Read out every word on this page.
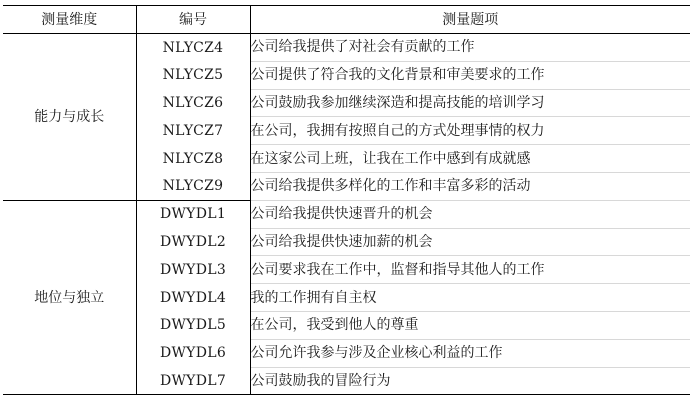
测量维度	编号	测量题项
能力与成长	NLYCZ4	公司给我提供了对社会有贡献的工作
	NLYCZ5	公司提供了符合我的文化背景和审美要求的工作
	NLYCZ6	公司鼓励我参加继续深造和提高技能的培训学习
	NLYCZ7	在公司，我拥有按照自己的方式处理事情的权力
	NLYCZ8	在这家公司上班，让我在工作中感到有成就感
	NLYCZ9	公司给我提供多样化的工作和丰富多彩的活动
地位与独立	DWYDL1	公司给我提供快速晋升的机会
	DWYDL2	公司给我提供快速加薪的机会
	DWYDL3	公司要求我在工作中，监督和指导其他人的工作
	DWYDL4	我的工作拥有自主权
	DWYDL5	在公司，我受到他人的尊重
	DWYDL6	公司允许我参与涉及企业核心利益的工作
	DWYDL7	公司鼓励我的冒险行为
